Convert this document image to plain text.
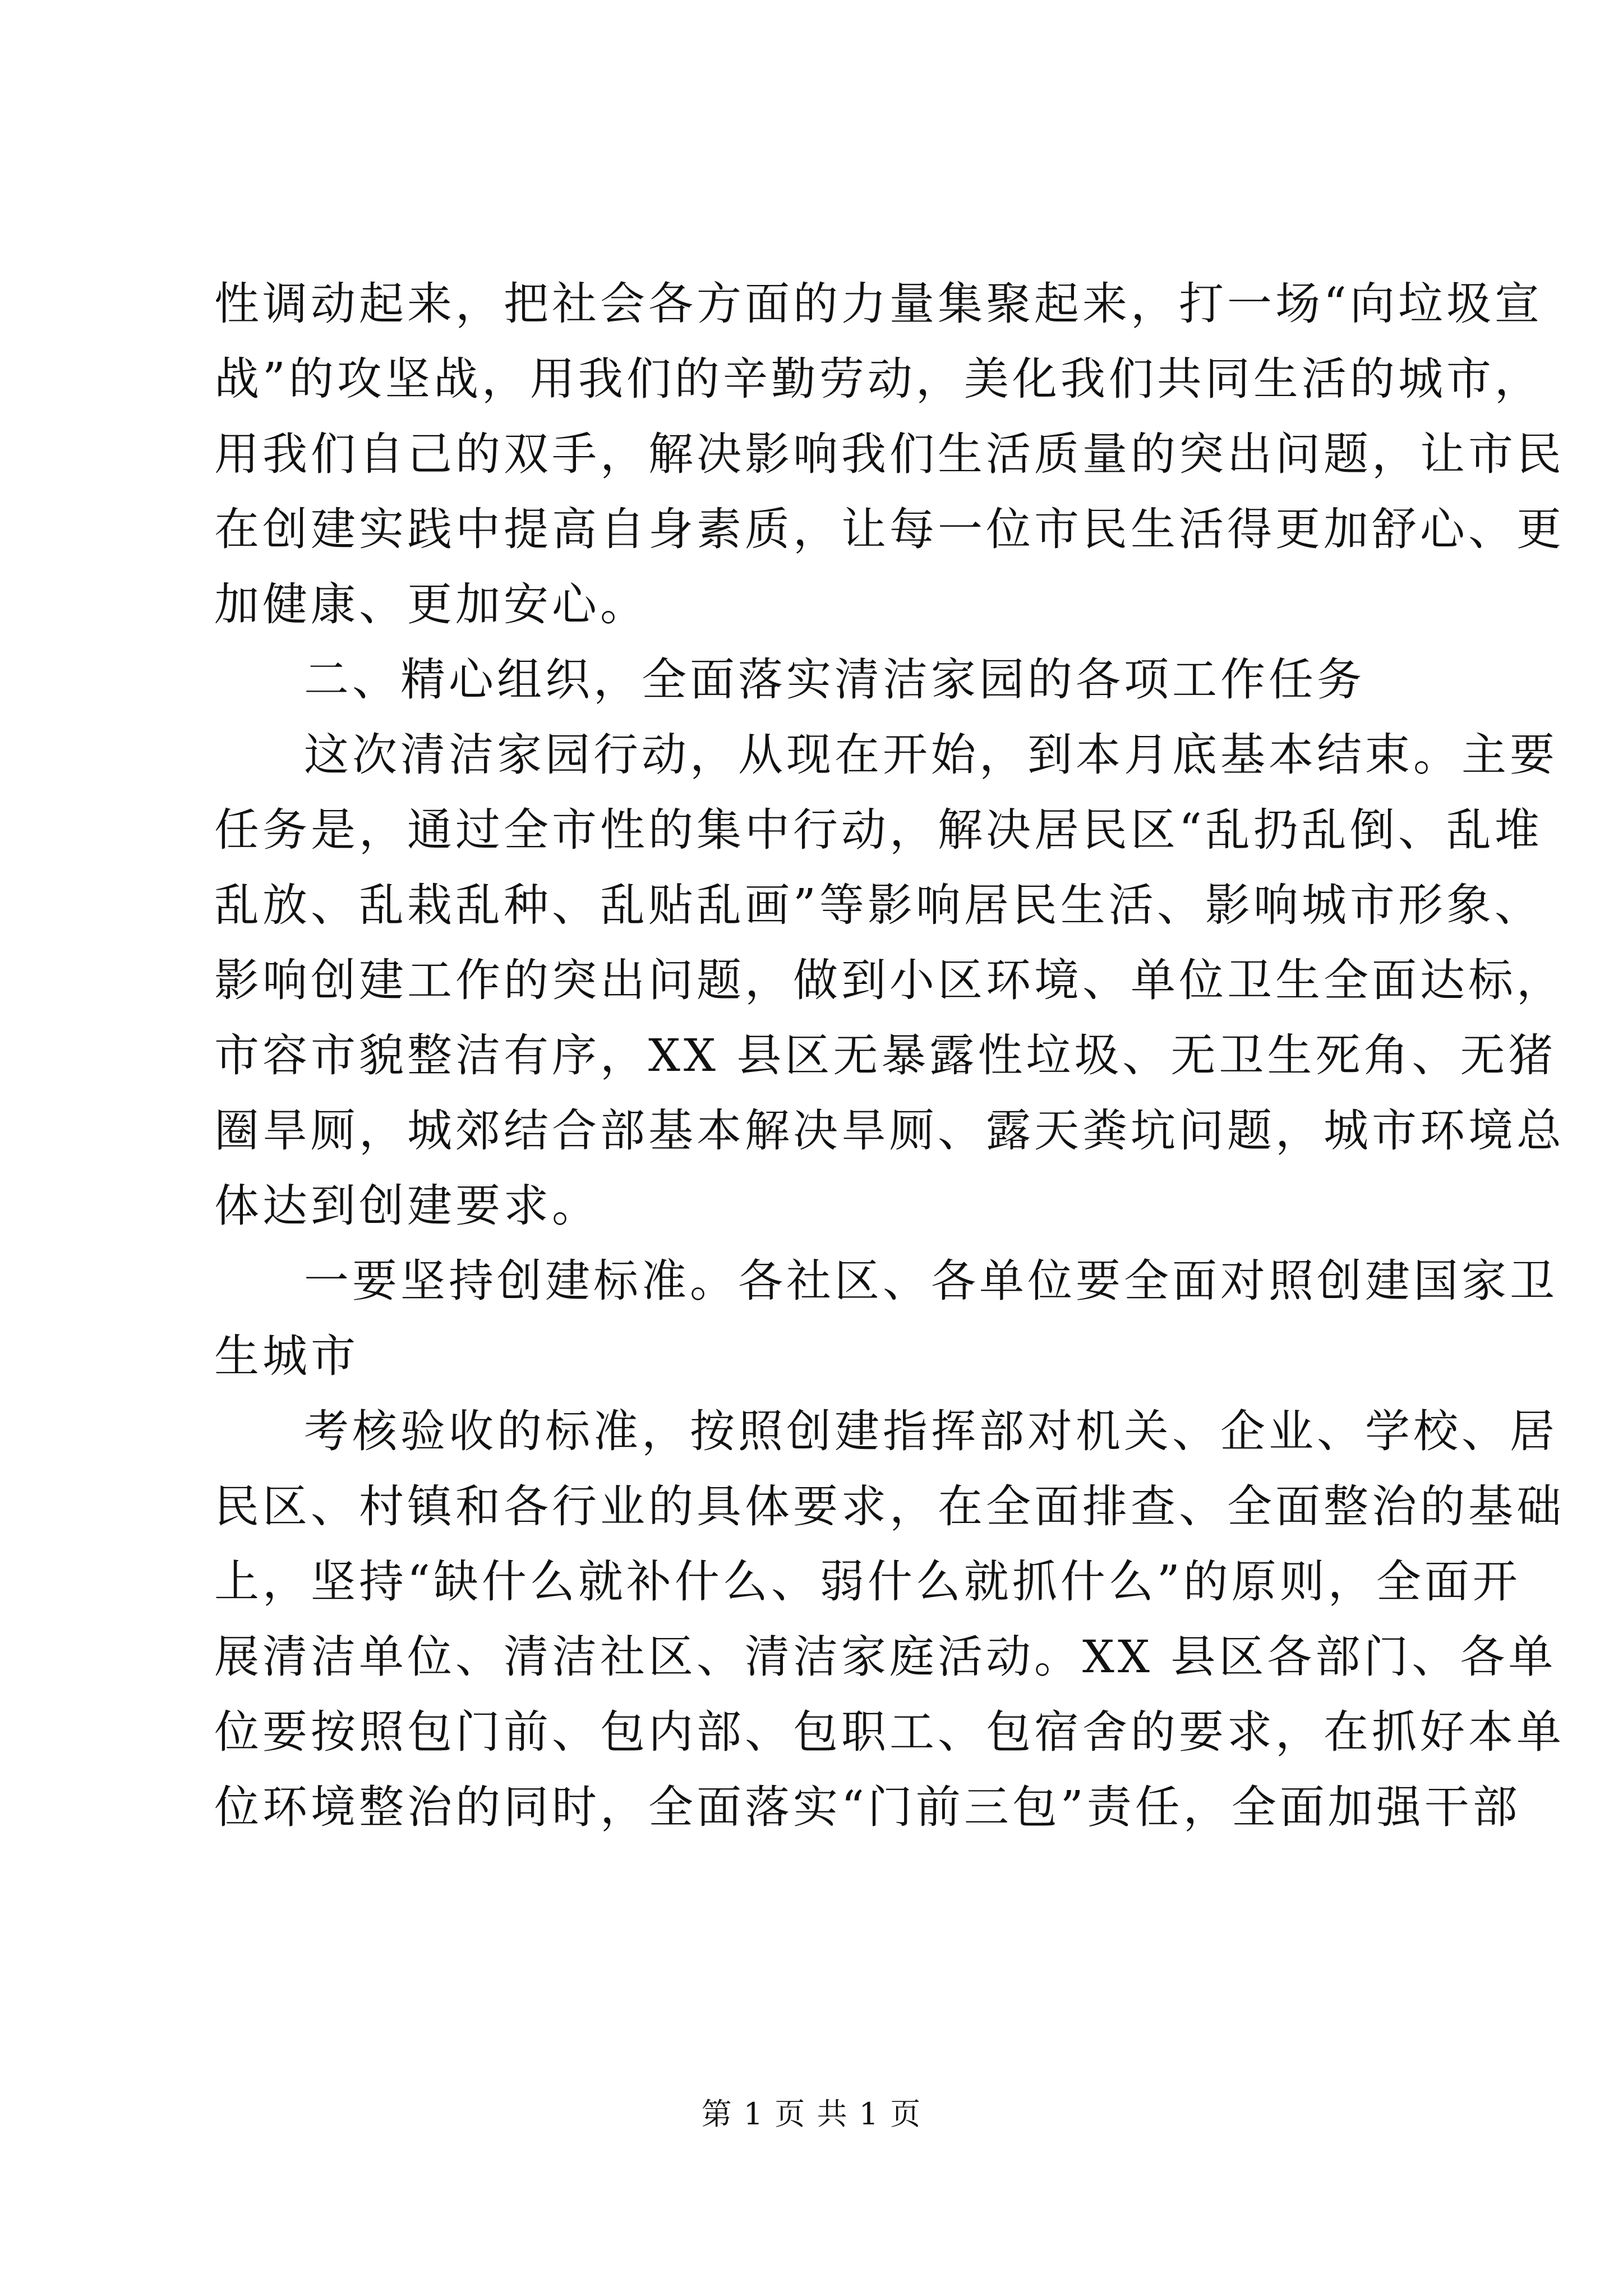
性调动起来，把社会各方面的力量集聚起来，打一场“向垃圾宣
战”的攻坚战，用我们的辛勤劳动，美化我们共同生活的城市，
用我们自己的双手，解决影响我们生活质量的突出问题，让市民
在创建实践中提高自身素质，让每一位市民生活得更加舒心、更
加健康、更加安心。
二、精心组织，全面落实清洁家园的各项工作任务
这次清洁家园行动，从现在开始，到本月底基本结束。主要
任务是，通过全市性的集中行动，解决居民区“乱扔乱倒、乱堆
乱放、乱栽乱种、乱贴乱画”等影响居民生活、影响城市形象、
影响创建工作的突出问题，做到小区环境、单位卫生全面达标，
市容市貌整洁有序，XX 县区无暴露性垃圾、无卫生死角、无猪
圈旱厕，城郊结合部基本解决旱厕、露天粪坑问题，城市环境总
体达到创建要求。
一要坚持创建标准。各社区、各单位要全面对照创建国家卫
生城市
考核验收的标准，按照创建指挥部对机关、企业、学校、居
民区、村镇和各行业的具体要求，在全面排查、全面整治的基础
上，坚持“缺什么就补什么、弱什么就抓什么”的原则，全面开
展清洁单位、清洁社区、清洁家庭活动。XX 县区各部门、各单
位要按照包门前、包内部、包职工、包宿舍的要求，在抓好本单
位环境整治的同时，全面落实“门前三包”责任，全面加强干部
第 1 页 共 1 页
